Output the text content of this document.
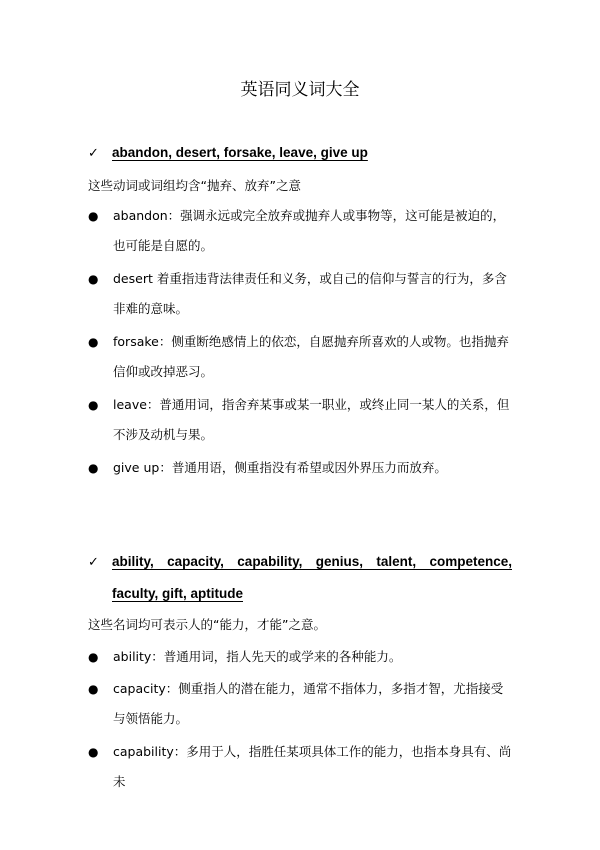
英语同义词大全
✓ abandon, desert, forsake, leave, give up
这些动词或词组均含“抛弃、放弃”之意
● abandon：强调永远或完全放弃或抛弃人或事物等，这可能是被迫的，也可能是自愿的。
● desert 着重指违背法律责任和义务，或自己的信仰与誓言的行为，多含非难的意味。
● forsake：侧重断绝感情上的依恋，自愿抛弃所喜欢的人或物。也指抛弃信仰或改掉恶习。
● leave：普通用词，指舍弃某事或某一职业，或终止同一某人的关系，但不涉及动机与果。
● give up：普通用语，侧重指没有希望或因外界压力而放弃。
✓ ability, capacity, capability, genius, talent, competence, faculty, gift, aptitude
这些名词均可表示人的“能力，才能”之意。
● ability：普通用词，指人先天的或学来的各种能力。
● capacity：侧重指人的潜在能力，通常不指体力，多指才智，尤指接受与领悟能力。
● capability：多用于人，指胜任某项具体工作的能力，也指本身具有、尚未
